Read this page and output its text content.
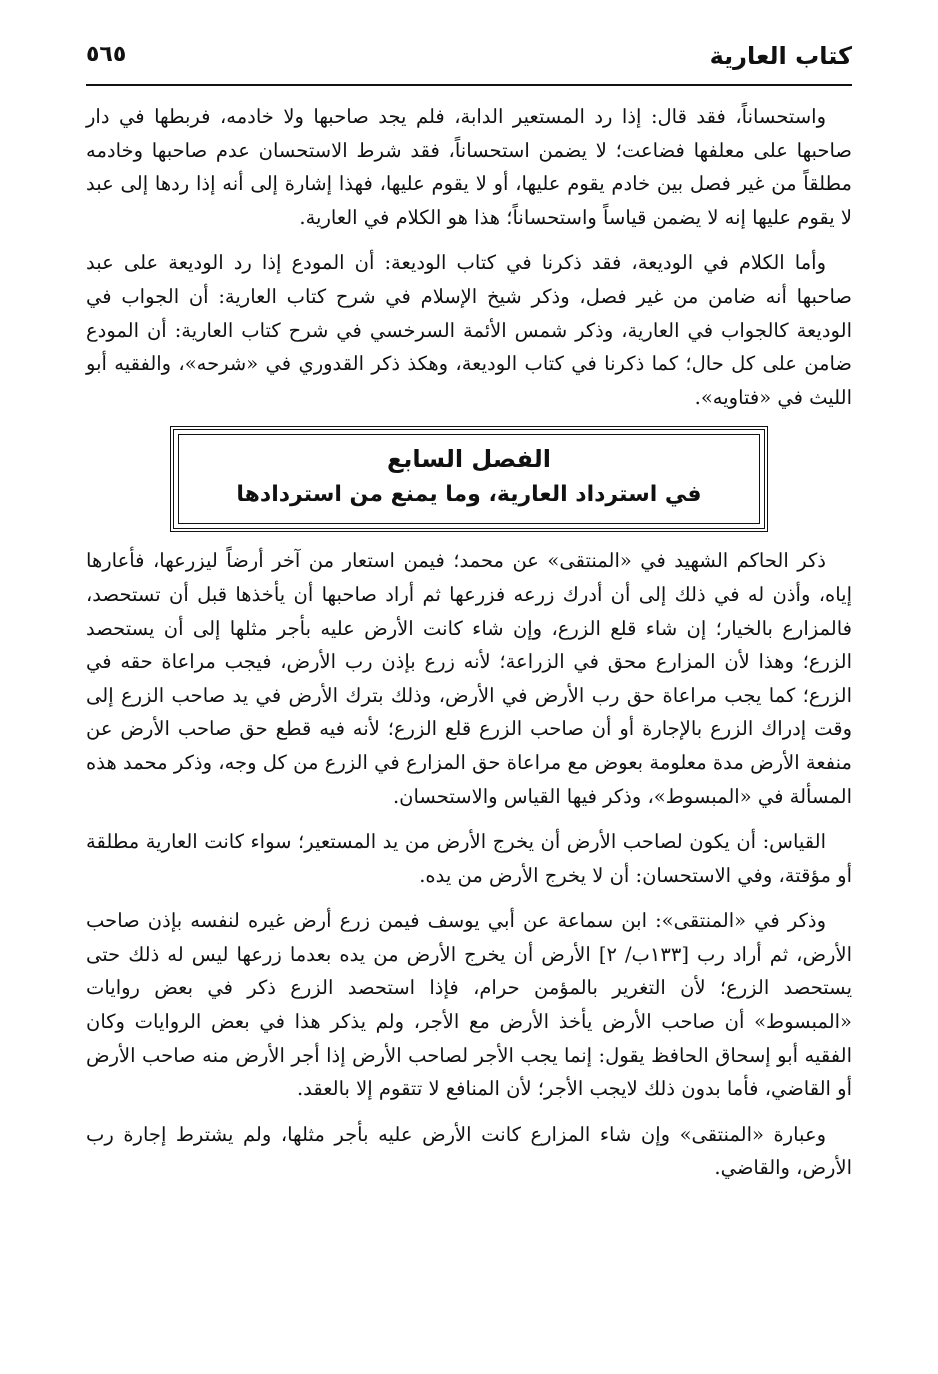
كتاب العارية
٥٦٥

واستحساناً، فقد قال: إذا رد المستعير الدابة، فلم يجد صاحبها ولا خادمه، فربطها في دار صاحبها على معلفها فضاعت؛ لا يضمن استحساناً، فقد شرط الاستحسان عدم صاحبها وخادمه مطلقاً من غير فصل بين خادم يقوم عليها، أو لا يقوم عليها، فهذا إشارة إلى أنه إذا ردها إلى عبد لا يقوم عليها إنه لا يضمن قياساً واستحساناً؛ هذا هو الكلام في العارية.

وأما الكلام في الوديعة، فقد ذكرنا في كتاب الوديعة: أن المودع إذا رد الوديعة على عبد صاحبها أنه ضامن من غير فصل، وذكر شيخ الإسلام في شرح كتاب العارية: أن الجواب في الوديعة كالجواب في العارية، وذكر شمس الأئمة السرخسي في شرح كتاب العارية: أن المودع ضامن على كل حال؛ كما ذكرنا في كتاب الوديعة، وهكذ ذكر القدوري في «شرحه»، والفقيه أبو الليث في «فتاويه».

الفصل السابع
في استرداد العارية، وما يمنع من استردادها

ذكر الحاكم الشهيد في «المنتقى» عن محمد؛ فيمن استعار من آخر أرضاً ليزرعها، فأعارها إياه، وأذن له في ذلك إلى أن أدرك زرعه فزرعها ثم أراد صاحبها أن يأخذها قبل أن تستحصد، فالمزارع بالخيار؛ إن شاء قلع الزرع، وإن شاء كانت الأرض عليه بأجر مثلها إلى أن يستحصد الزرع؛ وهذا لأن المزارع محق في الزراعة؛ لأنه زرع بإذن رب الأرض، فيجب مراعاة حقه في الزرع؛ كما يجب مراعاة حق رب الأرض في الأرض، وذلك بترك الأرض في يد صاحب الزرع إلى وقت إدراك الزرع بالإجارة أو أن صاحب الزرع قلع الزرع؛ لأنه فيه قطع حق صاحب الأرض عن منفعة الأرض مدة معلومة بعوض مع مراعاة حق المزارع في الزرع من كل وجه، وذكر محمد هذه المسألة في «المبسوط»، وذكر فيها القياس والاستحسان.

القياس: أن يكون لصاحب الأرض أن يخرج الأرض من يد المستعير؛ سواء كانت العارية مطلقة أو مؤقتة، وفي الاستحسان: أن لا يخرج الأرض من يده.

وذكر في «المنتقى»: ابن سماعة عن أبي يوسف فيمن زرع أرض غيره لنفسه بإذن صاحب الأرض، ثم أراد رب [١٣٣ب/ ٢] الأرض أن يخرج الأرض من يده بعدما زرعها ليس له ذلك حتى يستحصد الزرع؛ لأن التغرير بالمؤمن حرام، فإذا استحصد الزرع ذكر في بعض روايات «المبسوط» أن صاحب الأرض يأخذ الأرض مع الأجر، ولم يذكر هذا في بعض الروايات وكان الفقيه أبو إسحاق الحافظ يقول: إنما يجب الأجر لصاحب الأرض إذا أجر الأرض منه صاحب الأرض أو القاضي، فأما بدون ذلك لايجب الأجر؛ لأن المنافع لا تتقوم إلا بالعقد.

وعبارة «المنتقى» وإن شاء المزارع كانت الأرض عليه بأجر مثلها، ولم يشترط إجارة رب الأرض، والقاضي.
